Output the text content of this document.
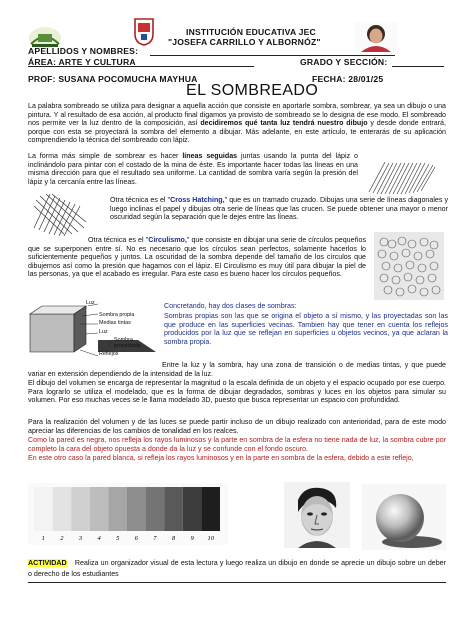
INSTITUCIÓN EDUCATIVA JEC
"JOSEFA CARRILLO Y ALBORNÓZ"
APELLIDOS Y NOMBRES:
ÁREA: ARTE Y CULTURA	GRADO Y SECCIÓN:
PROF: SUSANA POCOMUCHA MAYHUA	FECHA: 28/01/25
EL SOMBREADO
La palabra sombreado se utiliza para designar a aquella acción que consiste en aportarle sombra, sombrear, ya sea un dibujo o una pintura. Y al resultado de esa acción, al producto final digamos ya provisto de sombreado se lo designa de ese modo. El sombreado nos permite ver la luz dentro de la composición, así decidiremos qué tanta luz tendrá nuestro dibujo y desde donde entrará, porque con esta se proyectará la sombra del elemento a dibujar. Más adelante, en este artículo, te enterarás de su aplicación comprendiendo la técnica del sombreado con lápiz.
La forma más simple de sombrear es hacer líneas seguidas juntas usando la punta del lápiz o inclinándolo para pintar con el costado de la mina de éste. Es importante hacer todas las líneas en una misma dirección para que el resultado sea uniforme. La cantidad de sombra varía según la presión del lápiz y la cercanía entre las líneas.
Otra técnica es el "Cross Hatching," que es un tramado cruzado. Dibujas una serie de líneas diagonales y luego inclinas el papel y dibujas otra serie de líneas que las crucen. Se puede obtener una mayor o menor oscuridad según la separación que le dejes entre las líneas.
Otra técnica es el "Circulismo," que consiste en dibujar una serie de círculos pequeños que se superponen entre sí. No es necesario que los círculos sean perfectos, solamente hacerlos lo suficientemente pequeños y juntos. La oscuridad de la sombra depende del tamaño de los círculos que dibujemos así como la presión que hagamos con el lápiz. El Circulismo es muy útil para dibujar la piel de las personas, ya que el acabado es irregular. Para este caso es bueno hacer los círculos pequeños.
Luz
Sombra propia
Medias tintas
Luz
Sombra proyectada
Reflejos
Concretando, hay dos clases de sombras:
Sombras propias son las que se origina el objeto a sí mismo, y las proyectadas son las que produce en las superficies vecinas. Tambien hay que tener en cuenta los reflejos producidos por la luz que se reflejan en superficies u objetos vecinos, ya que aclaran la sombra propia.
Entre la luz y la sombra, hay una zona de transición o de medias tintas, y que puede variar en extensión dependiendo de la intensidad de la luz.
El dibujo del volumen se encarga de representar la magnitud o la escala definida de un objeto y el espacio ocupado por ese cuerpo. Para lograrlo se utiliza el modelado, que es la forma de dibujar degradados, sombras y luces en los objetos para simular su volumen. Por eso muchas veces se le llama modelado 3D, puesto que busca representar un espacio con profundidad.
Para la realización del volumen y de las luces se puede partir incluso de un dibujo realizado con anterioridad, para de este modo apreciar las diferencias de los cambios de tonalidad en los realces.
Como la pared es negra, nos refleja los rayos luminosos y la parte en sombra de la esfera no tiene nada de luz, la sombra cubre por completo la cara del objeto opuesta a donde da la luz y se confunde con el fondo oscuro.
En este otro caso la pared blanca, si refleja los rayos luminosos y en la parte en sombra de la esfera, debido a este reflejo,
1 2 3 4 5 6 7 8 9 10
ACTIVIDAD Realiza un organizador visual de esta lectura y luego realiza un dibujo en donde se aprecie un dibujo sobre un deber o derecho de los estudiantes
